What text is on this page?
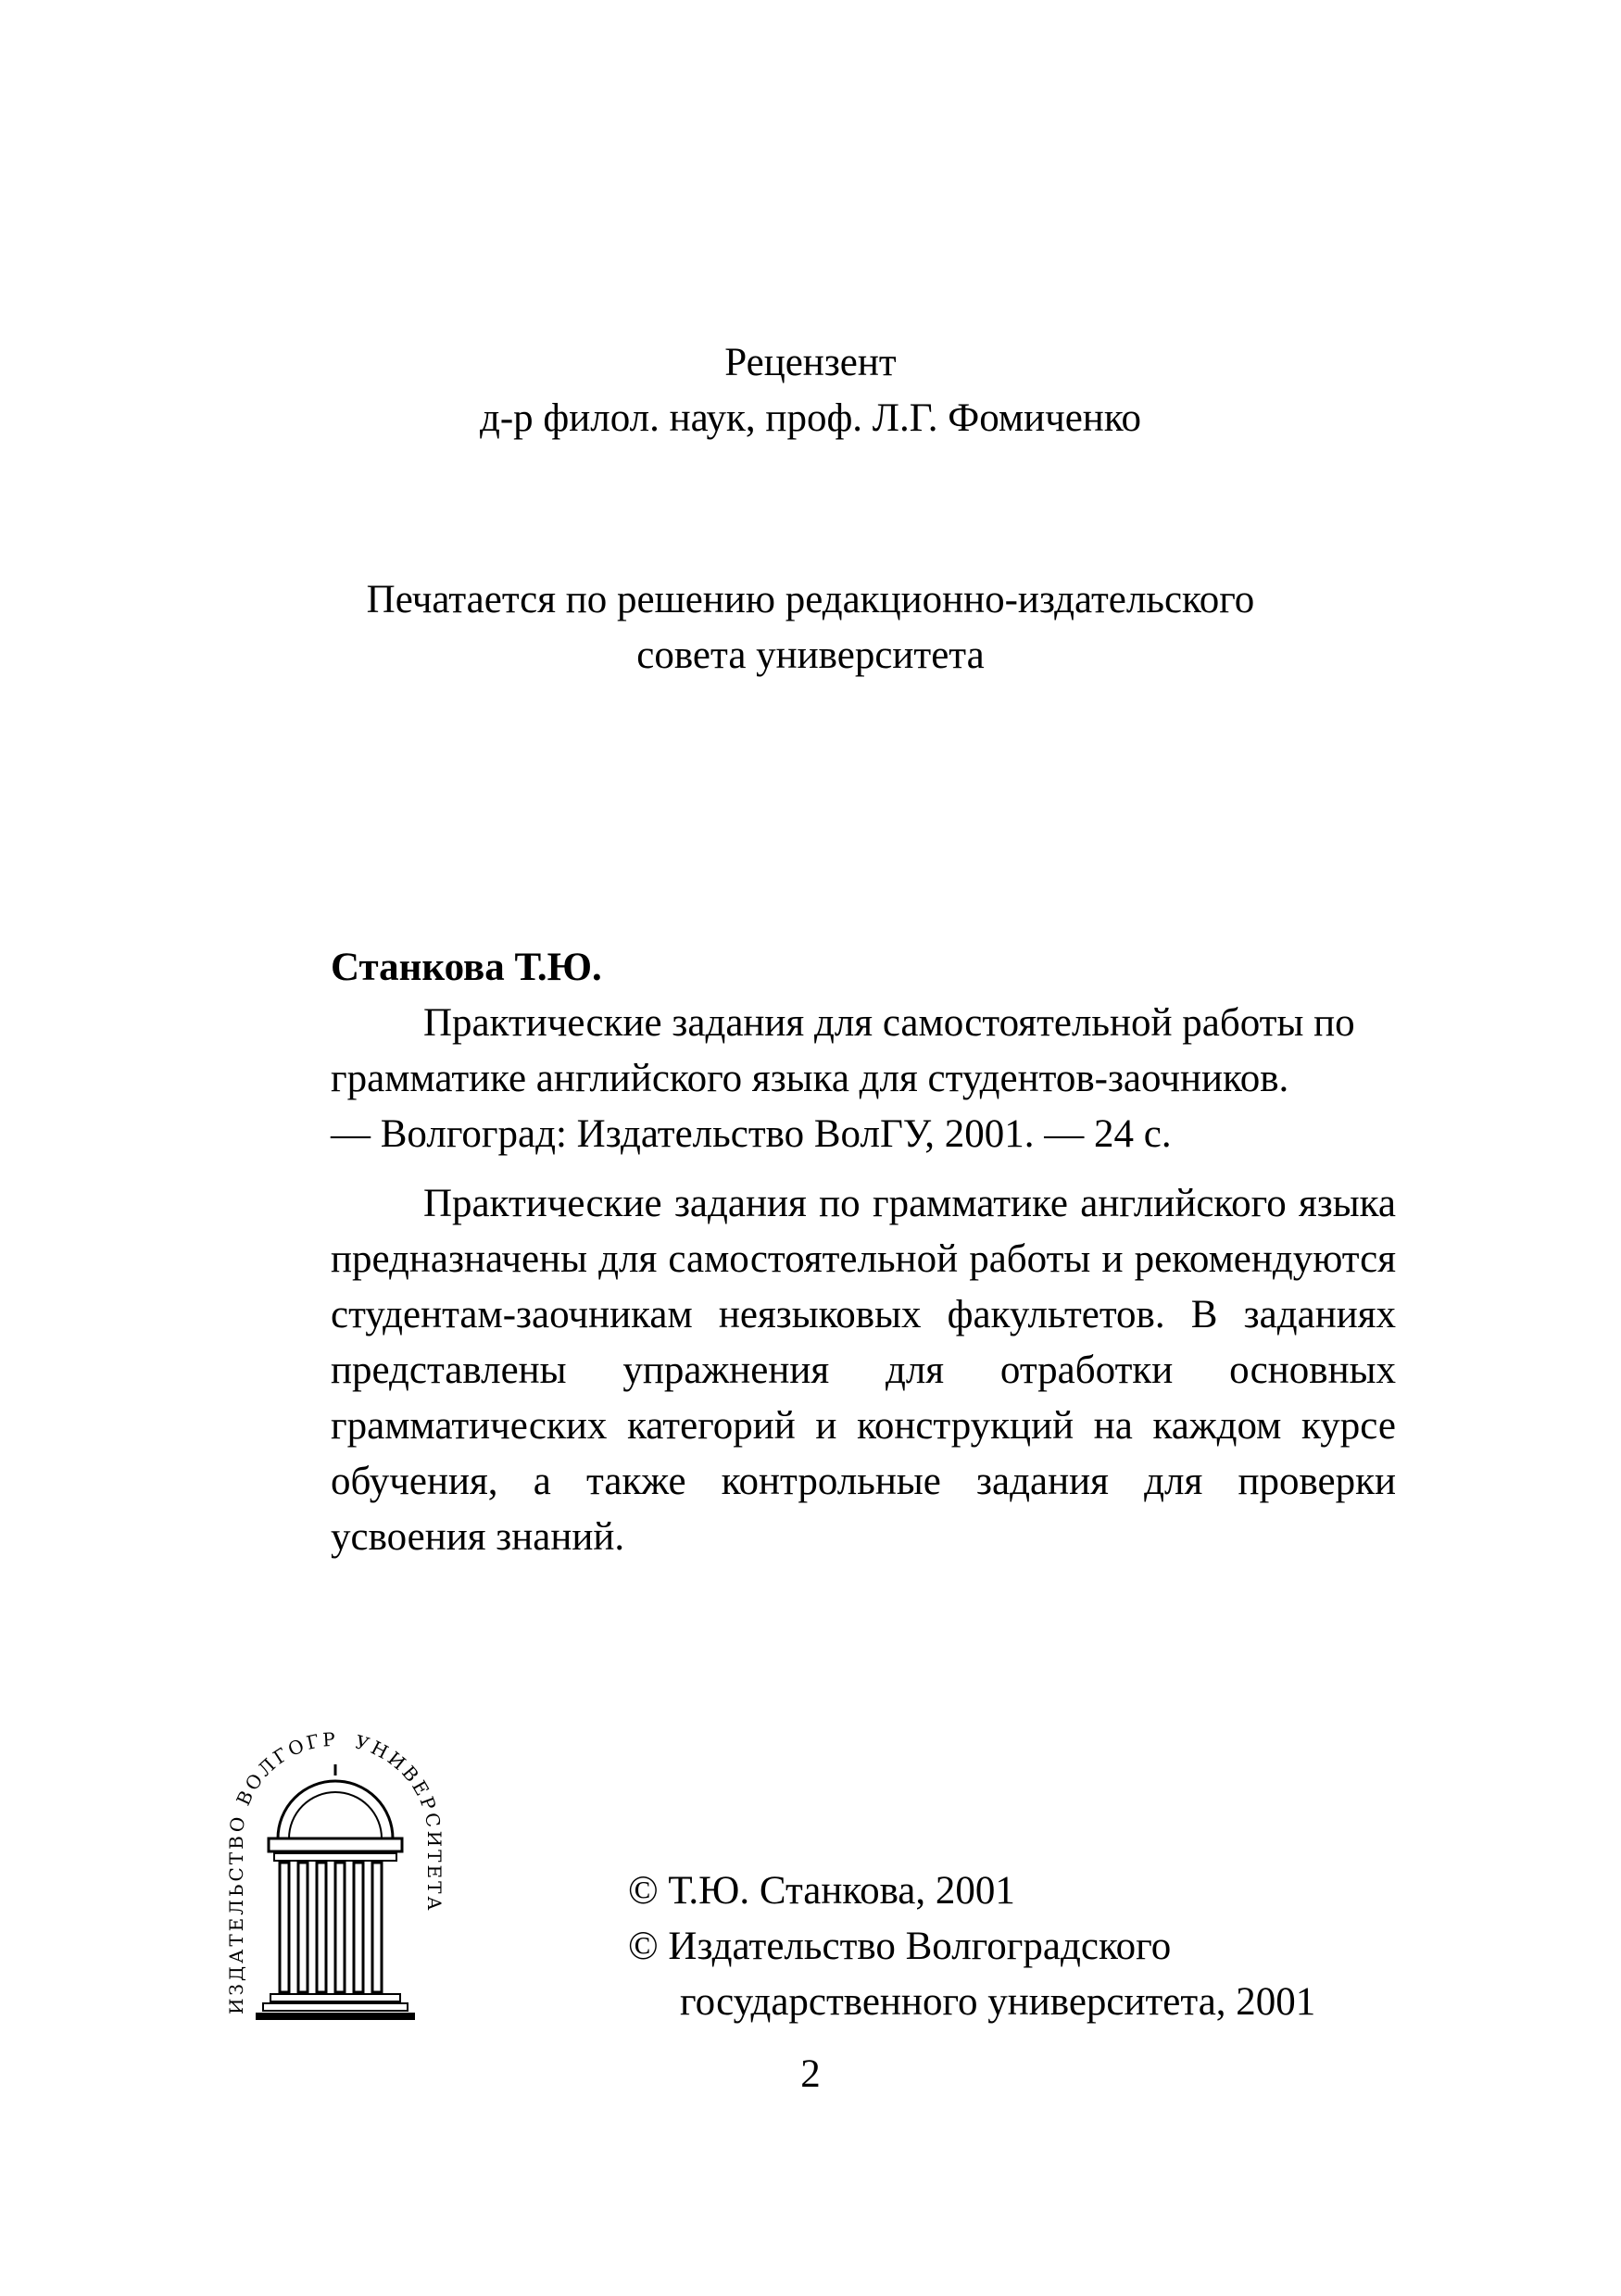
Рецензент
д-р филол. наук, проф. Л.Г. Фомиченко
Печатается по решению редакционно-издательского
совета университета
Станкова Т.Ю.
Практические задания для самостоятельной работы по
грамматике английского языка для студентов-заочников.
— Волгоград: Издательство ВолГУ, 2001. — 24 с.
Практические задания по грамматике английского языка предназначены для самостоятельной работы и рекомендуются студентам-заочникам неязыковых факультетов. В заданиях представлены упражнения для отработки основных грамматических категорий и конструкций на каждом курсе обучения, а также контрольные задания для проверки усвоения знаний.
ИЗДАТЕЛЬСТВО ВОЛГОГР УНИВЕРСИТЕТА	© Т.Ю. Станкова, 2001
© Издательство Волгоградского
государственного университета, 2001
2
